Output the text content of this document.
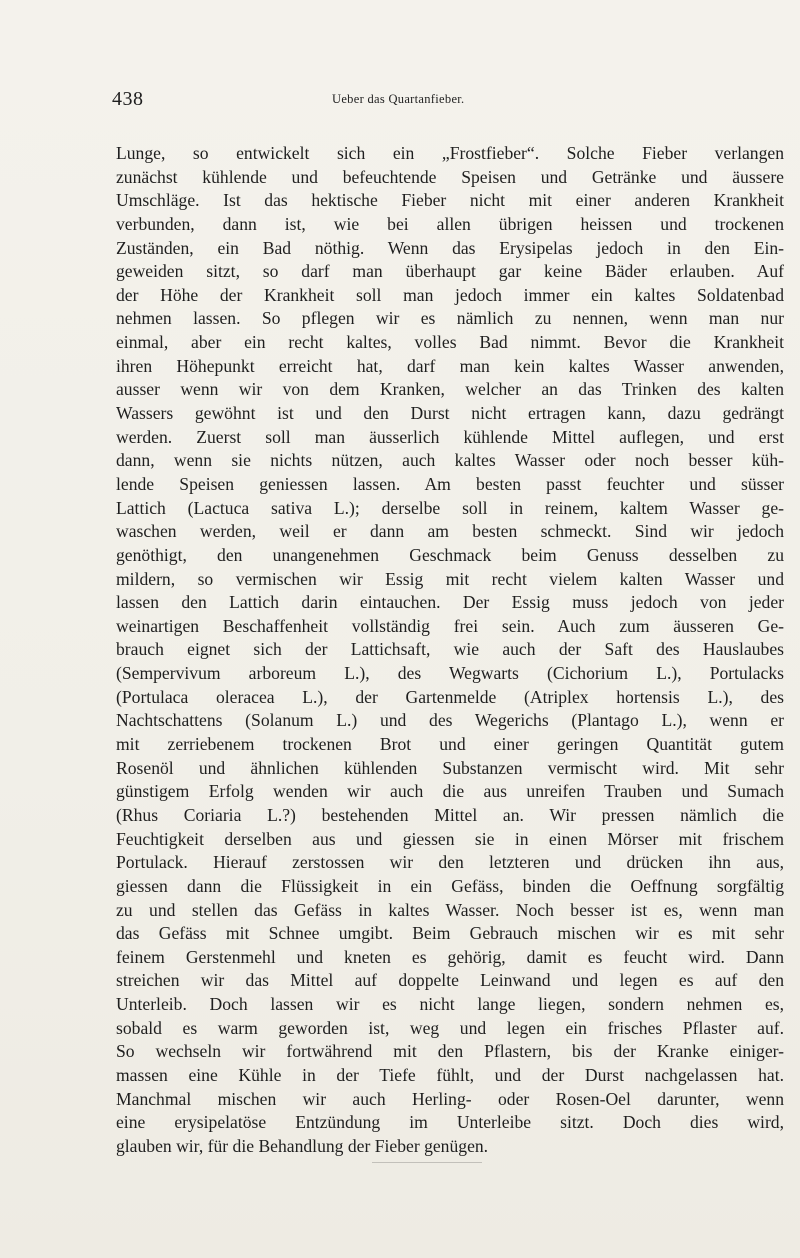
438	Ueber das Quartanfieber.
Lunge, so entwickelt sich ein „Frostfieber“. Solche Fieber verlangen
zunächst kühlende und befeuchtende Speisen und Getränke und äussere
Umschläge. Ist das hektische Fieber nicht mit einer anderen Krankheit
verbunden, dann ist, wie bei allen übrigen heissen und trockenen
Zuständen, ein Bad nöthig. Wenn das Erysipelas jedoch in den Ein-
geweiden sitzt, so darf man überhaupt gar keine Bäder erlauben. Auf
der Höhe der Krankheit soll man jedoch immer ein kaltes Soldatenbad
nehmen lassen. So pflegen wir es nämlich zu nennen, wenn man nur
einmal, aber ein recht kaltes, volles Bad nimmt. Bevor die Krankheit
ihren Höhepunkt erreicht hat, darf man kein kaltes Wasser anwenden,
ausser wenn wir von dem Kranken, welcher an das Trinken des kalten
Wassers gewöhnt ist und den Durst nicht ertragen kann, dazu gedrängt
werden. Zuerst soll man äusserlich kühlende Mittel auflegen, und erst
dann, wenn sie nichts nützen, auch kaltes Wasser oder noch besser küh-
lende Speisen geniessen lassen. Am besten passt feuchter und süsser
Lattich (Lactuca sativa L.); derselbe soll in reinem, kaltem Wasser ge-
waschen werden, weil er dann am besten schmeckt. Sind wir jedoch
genöthigt, den unangenehmen Geschmack beim Genuss desselben zu
mildern, so vermischen wir Essig mit recht vielem kalten Wasser und
lassen den Lattich darin eintauchen. Der Essig muss jedoch von jeder
weinartigen Beschaffenheit vollständig frei sein. Auch zum äusseren Ge-
brauch eignet sich der Lattichsaft, wie auch der Saft des Hauslaubes
(Sempervivum arboreum L.), des Wegwarts (Cichorium L.), Portulacks
(Portulaca oleracea L.), der Gartenmelde (Atriplex hortensis L.), des
Nachtschattens (Solanum L.) und des Wegerichs (Plantago L.), wenn er
mit zerriebenem trockenen Brot und einer geringen Quantität gutem
Rosenöl und ähnlichen kühlenden Substanzen vermischt wird. Mit sehr
günstigem Erfolg wenden wir auch die aus unreifen Trauben und Sumach
(Rhus Coriaria L.?) bestehenden Mittel an. Wir pressen nämlich die
Feuchtigkeit derselben aus und giessen sie in einen Mörser mit frischem
Portulack. Hierauf zerstossen wir den letzteren und drücken ihn aus,
giessen dann die Flüssigkeit in ein Gefäss, binden die Oeffnung sorgfältig
zu und stellen das Gefäss in kaltes Wasser. Noch besser ist es, wenn man
das Gefäss mit Schnee umgibt. Beim Gebrauch mischen wir es mit sehr
feinem Gerstenmehl und kneten es gehörig, damit es feucht wird. Dann
streichen wir das Mittel auf doppelte Leinwand und legen es auf den
Unterleib. Doch lassen wir es nicht lange liegen, sondern nehmen es,
sobald es warm geworden ist, weg und legen ein frisches Pflaster auf.
So wechseln wir fortwährend mit den Pflastern, bis der Kranke einiger-
massen eine Kühle in der Tiefe fühlt, und der Durst nachgelassen hat.
Manchmal mischen wir auch Herling- oder Rosen-Oel darunter, wenn
eine erysipelatöse Entzündung im Unterleibe sitzt. Doch dies wird,
glauben wir, für die Behandlung der Fieber genügen.
